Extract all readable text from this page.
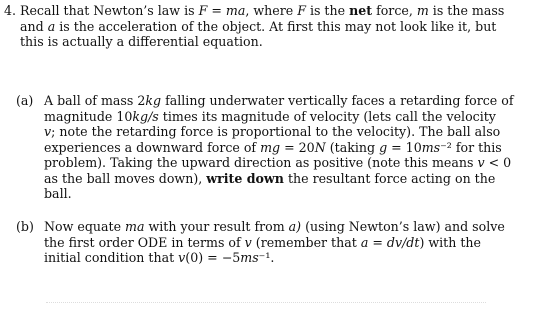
4. Recall that Newton’s law is F = ma, where F is the net force, m is the mass
and a is the acceleration of the object. At first this may not look like it, but
this is actually a differential equation.
(a) A ball of mass 2kg falling underwater vertically faces a retarding force of
magnitude 10kg/s times its magnitude of velocity (lets call the velocity
v; note the retarding force is proportional to the velocity). The ball also
experiences a downward force of mg = 20N (taking g = 10ms⁻² for this
problem). Taking the upward direction as positive (note this means v < 0
as the ball moves down), write down the resultant force acting on the
ball.
(b) Now equate ma with your result from a) (using Newton’s law) and solve
the first order ODE in terms of v (remember that a = dv/dt) with the
initial condition that v(0) = −5ms⁻¹.
